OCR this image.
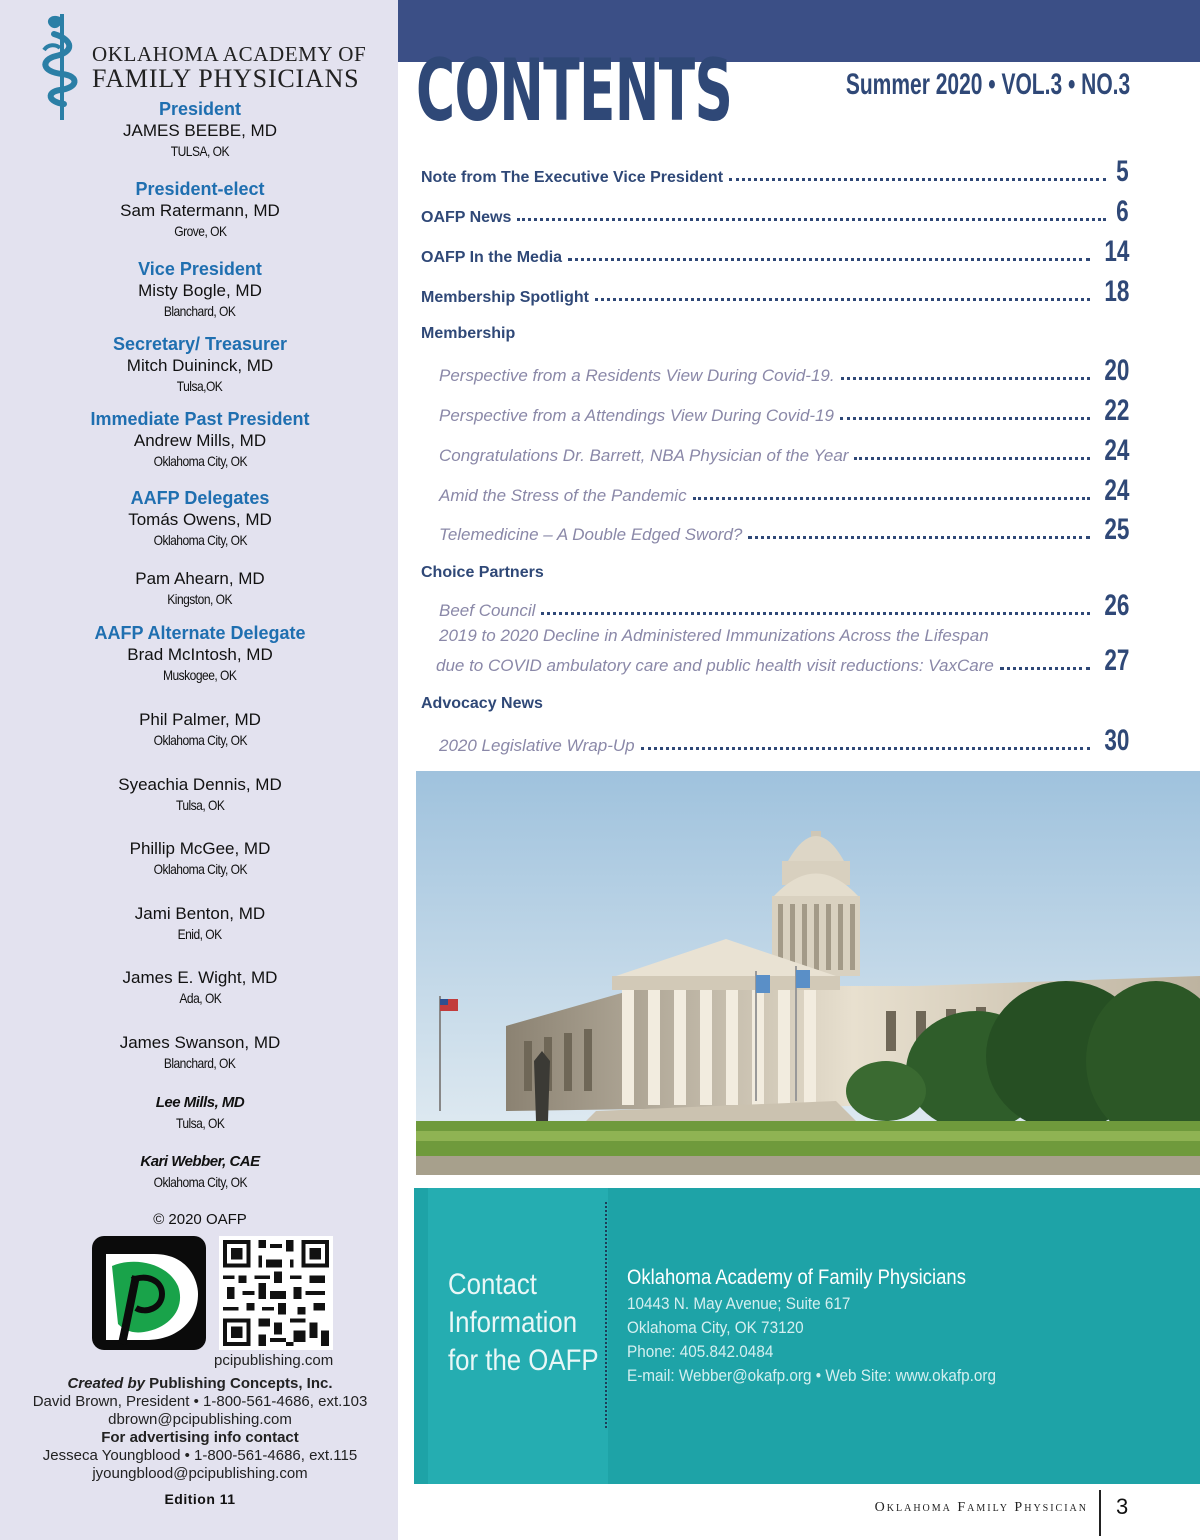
OKLAHOMA ACADEMY OF
FAMILY PHYSICIANS
President
JAMES BEEBE, MD
TULSA, OK
President-elect
Sam Ratermann, MD
Grove, OK
Vice President
Misty Bogle, MD
Blanchard, OK
Secretary/ Treasurer
Mitch Duininck, MD
Tulsa,OK
Immediate Past President
Andrew Mills, MD
Oklahoma City, OK
AAFP Delegates
Tomás Owens, MD
Oklahoma City, OK
Pam Ahearn, MD
Kingston, OK
AAFP Alternate Delegate
Brad McIntosh, MD
Muskogee, OK
Phil Palmer, MD
Oklahoma City, OK
Syeachia Dennis, MD
Tulsa, OK
Phillip McGee, MD
Oklahoma City, OK
Jami Benton, MD
Enid, OK
James E. Wight, MD
Ada, OK
James Swanson, MD
Blanchard, OK
Lee Mills, MD
Tulsa, OK
Kari Webber, CAE
Oklahoma City, OK
© 2020 OAFP
pcipublishing.com
Created by Publishing Concepts, Inc.
David Brown, President • 1-800-561-4686, ext.103
dbrown@pcipublishing.com
For advertising info contact
Jesseca Youngblood • 1-800-561-4686, ext.115
jyoungblood@pcipublishing.com
Edition 11
CONTENTS	Summer 2020 • VOL.3 • NO.3
Note from The Executive Vice President	5
OAFP News	6
OAFP In the Media	14
Membership Spotlight	18
Membership
Perspective from a Residents View During Covid-19.	20
Perspective from a Attendings View During Covid-19	22
Congratulations Dr. Barrett, NBA Physician of the Year	24
Amid the Stress of the Pandemic	24
Telemedicine – A Double Edged Sword?	25
Choice Partners
Beef Council	26
2019 to 2020 Decline in Administered Immunizations Across the Lifespan
due to COVID ambulatory care and public health visit reductions: VaxCare	27
Advocacy News
2020 Legislative Wrap-Up	30
Contact
Information
for the OAFP
Oklahoma Academy of Family Physicians
10443 N. May Avenue; Suite 617
Oklahoma City, OK 73120
Phone: 405.842.0484
E-mail: Webber@okafp.org • Web Site: www.okafp.org
Oklahoma Family Physician 3
